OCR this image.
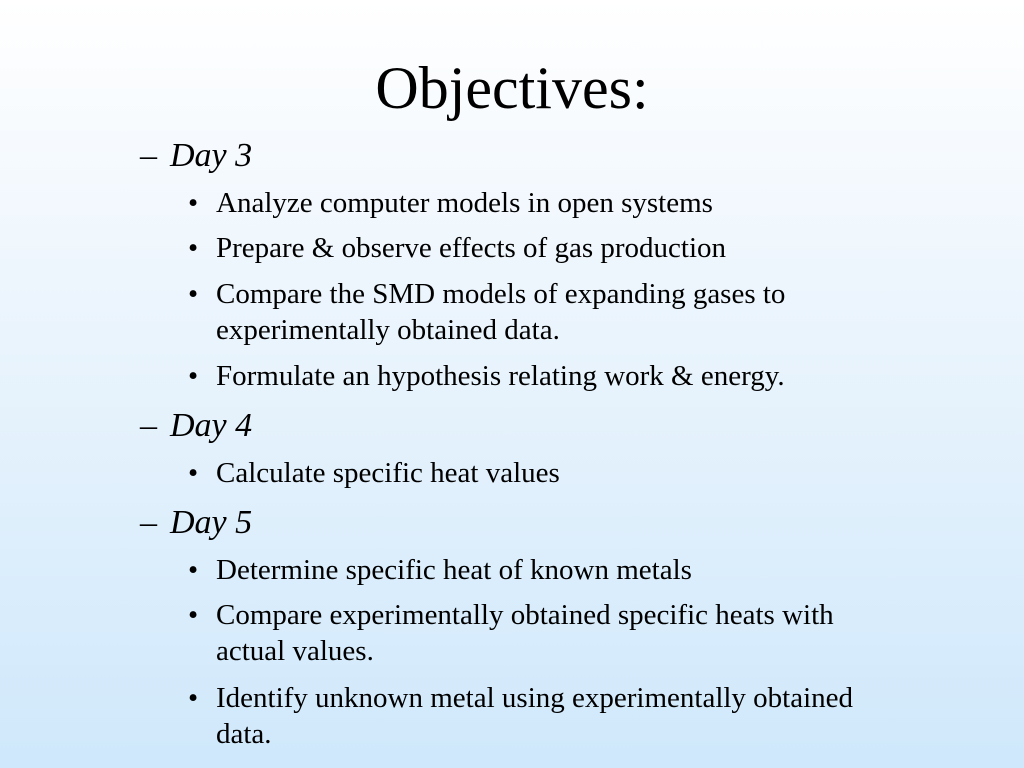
Objectives:
– Day 3
• Analyze computer models in open systems
• Prepare & observe effects of gas production
• Compare the SMD models of expanding gases to experimentally obtained data.
• Formulate an hypothesis relating work & energy.
– Day 4
• Calculate specific heat values
– Day 5
• Determine specific heat of known metals
• Compare experimentally obtained specific heats with actual values.
• Identify unknown metal using experimentally obtained data.
